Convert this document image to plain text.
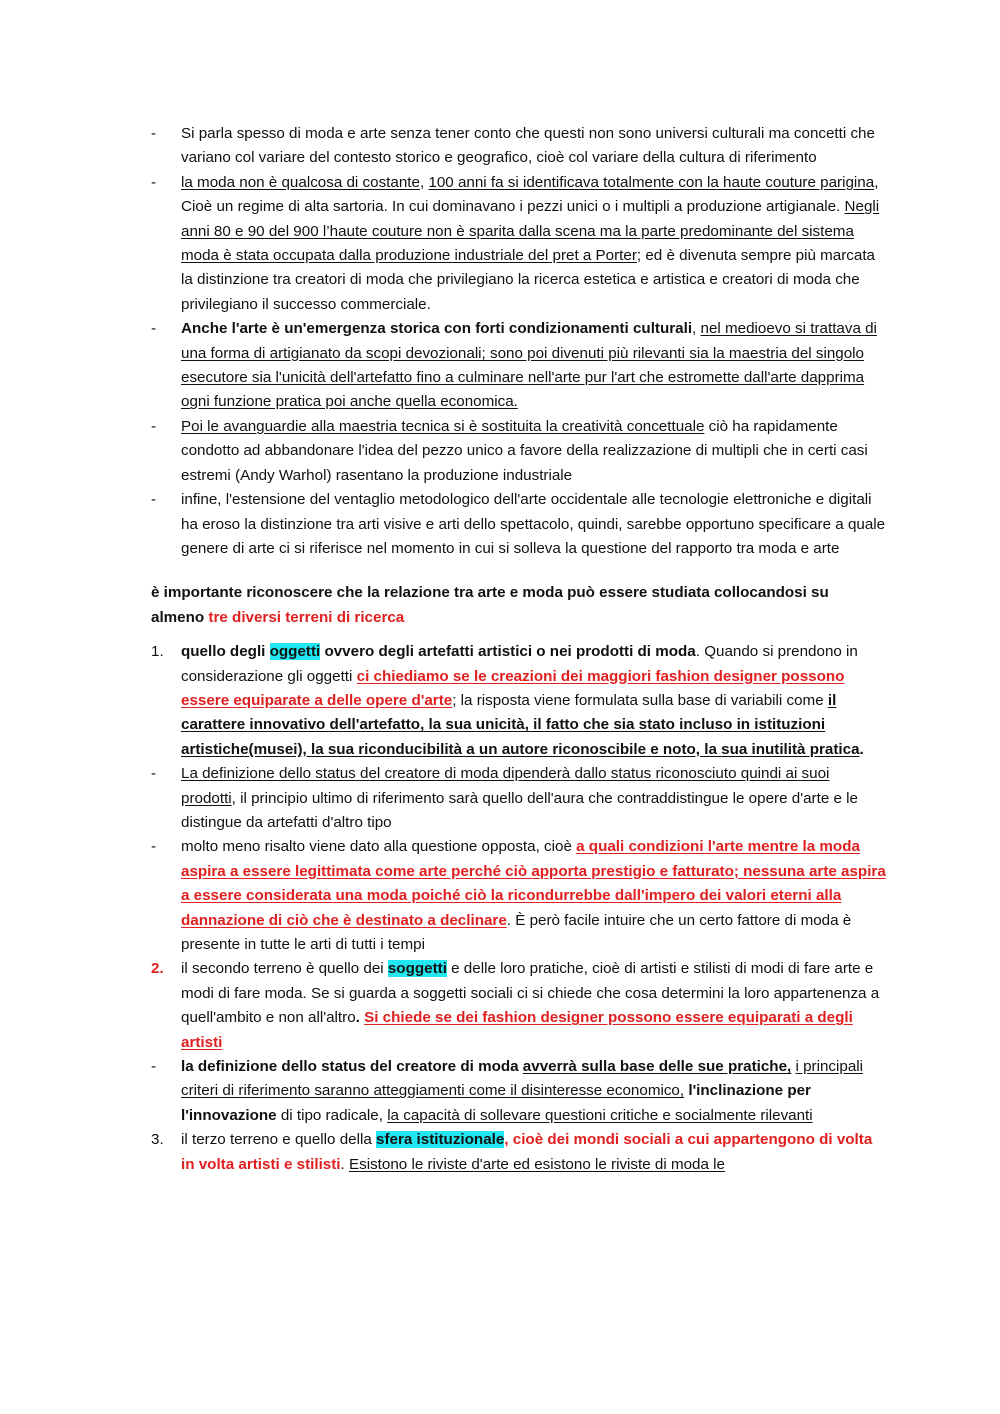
- Si parla spesso di moda e arte senza tener conto che questi non sono universi culturali ma concetti che variano col variare del contesto storico e geografico, cioè col variare della cultura di riferimento
- la moda non è qualcosa di costante, 100 anni fa si identificava totalmente con la haute couture parigina, Cioè un regime di alta sartoria. In cui dominavano i pezzi unici o i multipli a produzione artigianale. Negli anni 80 e 90 del 900 l’haute couture non è sparita dalla scena ma la parte predominante del sistema moda è stata occupata dalla produzione industriale del pret a Porter; ed è divenuta sempre più marcata la distinzione tra creatori di moda che privilegiano la ricerca estetica e artistica e creatori di moda che privilegiano il successo commerciale.
- Anche l'arte è un'emergenza storica con forti condizionamenti culturali, nel medioevo si trattava di una forma di artigianato da scopi devozionali; sono poi divenuti più rilevanti sia la maestria del singolo esecutore sia l'unicità dell'artefatto fino a culminare nell'arte pur l'art che estromette dall'arte dapprima ogni funzione pratica poi anche quella economica.
- Poi le avanguardie alla maestria tecnica si è sostituita la creatività concettuale ciò ha rapidamente condotto ad abbandonare l'idea del pezzo unico a favore della realizzazione di multipli che in certi casi estremi (Andy Warhol) rasentano la produzione industriale
- infine, l'estensione del ventaglio metodologico dell'arte occidentale alle tecnologie elettroniche e digitali ha eroso la distinzione tra arti visive e arti dello spettacolo, quindi, sarebbe opportuno specificare a quale genere di arte ci si riferisce nel momento in cui si solleva la questione del rapporto tra moda e arte
è importante riconoscere che la relazione tra arte e moda può essere studiata collocandosi su almeno tre diversi terreni di ricerca
1. quello degli oggetti ovvero degli artefatti artistici o nei prodotti di moda. Quando si prendono in considerazione gli oggetti ci chiediamo se le creazioni dei maggiori fashion designer possono essere equiparate a delle opere d'arte; la risposta viene formulata sulla base di variabili come il carattere innovativo dell'artefatto, la sua unicità, il fatto che sia stato incluso in istituzioni artistiche(musei), la sua riconducibilità a un autore riconoscibile e noto, la sua inutilità pratica.
- La definizione dello status del creatore di moda dipenderà dallo status riconosciuto quindi ai suoi prodotti, il principio ultimo di riferimento sarà quello dell'aura che contraddistingue le opere d'arte e le distingue da artefatti d'altro tipo
- molto meno risalto viene dato alla questione opposta, cioè a quali condizioni l'arte mentre la moda aspira a essere legittimata come arte perché ciò apporta prestigio e fatturato; nessuna arte aspira a essere considerata una moda poiché ciò la ricondurrebbe dall'impero dei valori eterni alla dannazione di ciò che è destinato a declinare. È però facile intuire che un certo fattore di moda è presente in tutte le arti di tutti i tempi
2. il secondo terreno è quello dei soggetti e delle loro pratiche, cioè di artisti e stilisti di modi di fare arte e modi di fare moda. Se si guarda a soggetti sociali ci si chiede che cosa determini la loro appartenenza a quell'ambito e non all'altro. Si chiede se dei fashion designer possono essere equiparati a degli artisti
- la definizione dello status del creatore di moda avverrà sulla base delle sue pratiche, i principali criteri di riferimento saranno atteggiamenti come il disinteresse economico, l'inclinazione per l'innovazione di tipo radicale, la capacità di sollevare questioni critiche e socialmente rilevanti
3. il terzo terreno e quello della sfera istituzionale, cioè dei mondi sociali a cui appartengono di volta in volta artisti e stilisti. Esistono le riviste d'arte ed esistono le riviste di moda le
